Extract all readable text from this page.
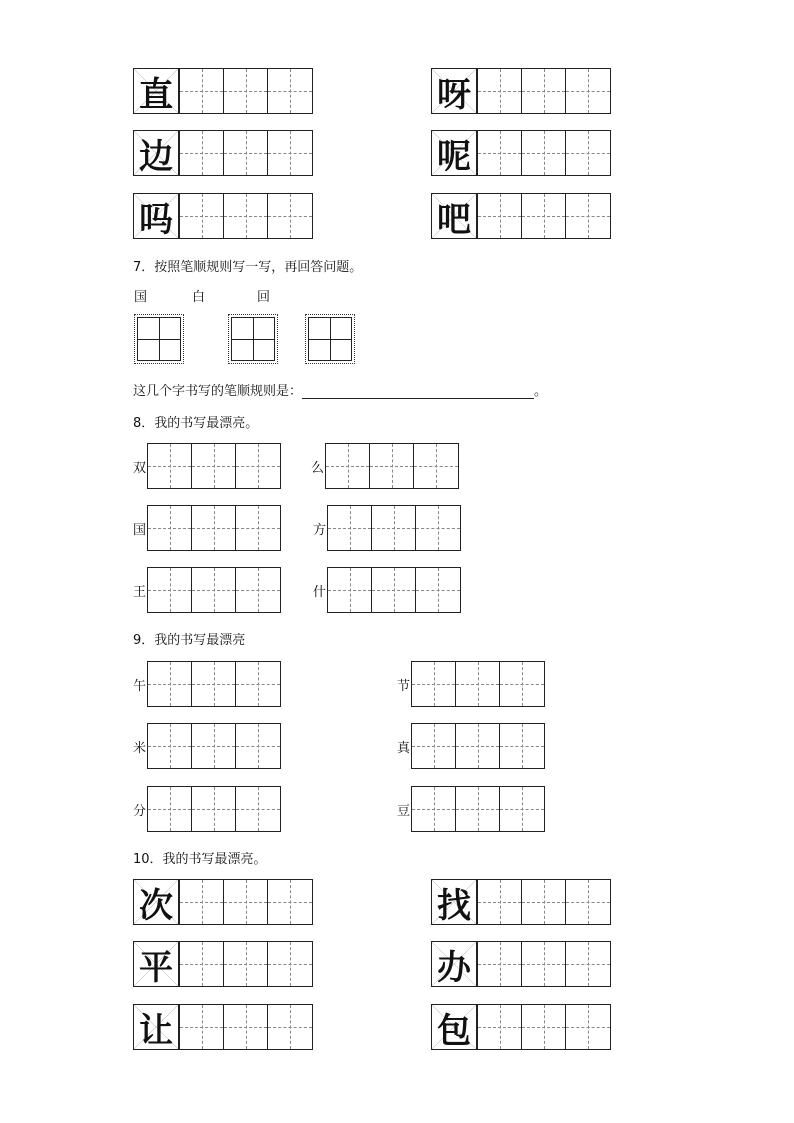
直	呀
边	呢
吗	吧
7．按照笔顺规则写一写，再回答问题。
国	白	回
这几个字书写的笔顺规则是：	。
8．我的书写最漂亮。
双	么
国	方
王	什
9．我的书写最漂亮
午	节
米	真
分	豆
10．我的书写最漂亮。
次	找
平	办
让	包
